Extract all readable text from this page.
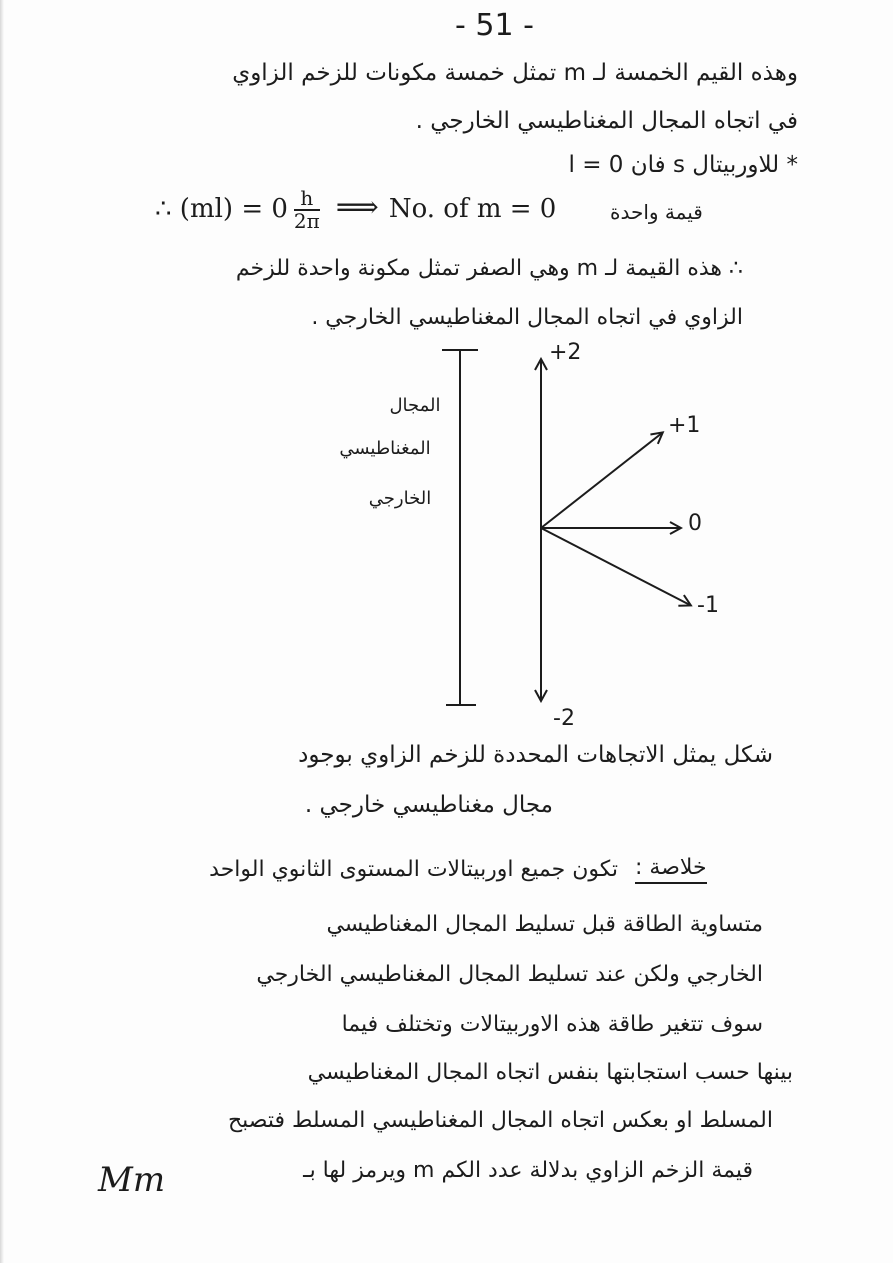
- 51 -
وهذه القيم الخمسة لـ m تمثل خمسة مكونات للزخم الزاوي
في اتجاه المجال المغناطيسي الخارجي .
* للاوربيتال s فان l = 0
∴ $(ml) = 0 \frac{h}{2\pi}$ ⟹ No. of m = 0	قيمة واحدة
∴ هذه القيمة لـ m وهي الصفر تمثل مكونة واحدة للزخم
الزاوي في اتجاه المجال المغناطيسي الخارجي .
المجال
المغناطيسي
الخارجي
+2
+1
0
-1
-2
شكل يمثل الاتجاهات المحددة للزخم الزاوي بوجود
مجال مغناطيسي خارجي .
خلاصة :
تكون جميع اوربيتالات المستوى الثانوي الواحد
متساوية الطاقة قبل تسليط المجال المغناطيسي
الخارجي ولكن عند تسليط المجال المغناطيسي الخارجي
سوف تتغير طاقة هذه الاوربيتالات وتختلف فيما
بينها حسب استجابتها بنفس اتجاه المجال المغناطيسي
المسلط او بعكس اتجاه المجال المغناطيسي المسلط فتصبح
قيمة الزخم الزاوي بدلالة عدد الكم m ويرمز لها بـ
Mm
